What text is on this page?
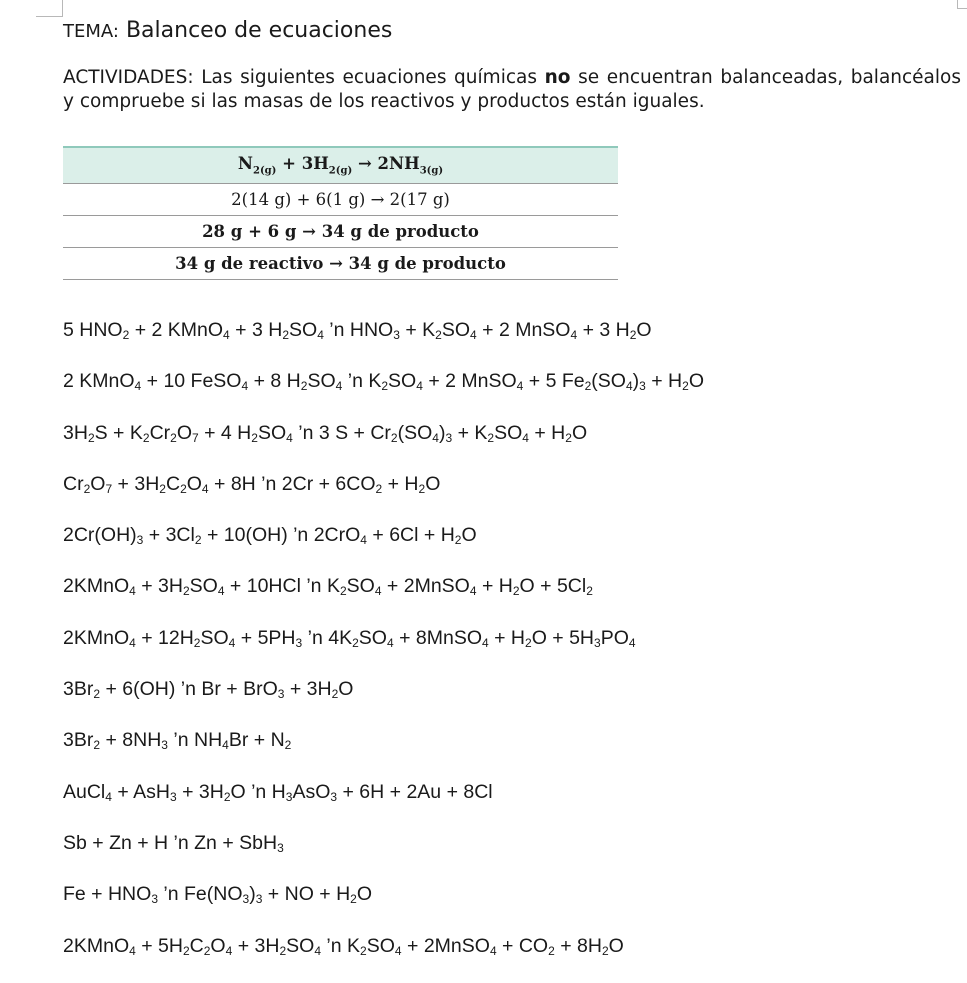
TEMA: Balanceo de ecuaciones

ACTIVIDADES: Las siguientes ecuaciones químicas no se encuentran balanceadas, balancéalos y compruebe si las masas de los reactivos y productos están iguales.

$N_{2(g)} + 3H_{2(g)} \to 2NH_{3(g)}$
2(14 g) + 6(1 g) → 2(17 g)
28 g + 6 g → 34 g de producto
34 g de reactivo → 34 g de producto
5 $HNO_2 + 2$ KMnO$_4$ + 3 $H_2SO_4$ ’n $HNO_3 + K_2SO_4 + 2$ MnSO$_4$ + 3 $H_2O$
2 KMnO$_4$ + 10 FeSO$_4$ + 8 $H_2SO_4$ ’n $K_2SO_4 + 2$ MnSO$_4$ + 5 $Fe_2(SO_4)_3 + H_2O$
$3H_2S + K_2Cr_2O_7 + 4$ $H_2SO_4$ ’n 3 $S + Cr_2(SO_4)_3 + K_2SO_4 + H_2O$
$Cr_2O_7 + 3H_2C_2O_4 + 8H$ ’n $2Cr + 6CO_2 + H_2O$
$2Cr(OH)_3 + 3Cl_2 + 10(OH)$ ’n $2CrO_4 + 6Cl + H_2O$
2KMnO$_4$ + $3H_2SO_4 + 10HCl$ ’n $K_2SO_4$ + 2MnSO$_4$ + $H_2O + 5Cl_2$
2KMnO$_4$ + $12H_2SO_4 + 5PH_3$ ’n $4K_2SO_4$ + 8MnSO$_4$ + $H_2O + 5H_3PO_4$
$3Br_2 + 6(OH)$ ’n $Br + BrO_3 + 3H_2O$
$3Br_2 + 8NH_3$ ’n $NH_4Br + N_2$
AuCl$_4$ + $AsH_3 + 3H_2O$ ’n $H_3AsO_3 + 6H + 2Au + 8Cl$
Sb + Zn + H ’n Zn + SbH$_3$
$Fe + HNO_3$ ’n $Fe(NO_3)_3$ + NO + $H_2O$
2KMnO$_4$ + $5H_2C_2O_4 + 3H_2SO_4$ ’n $K_2SO_4$ + 2MnSO$_4$ + $CO_2 + 8H_2O$
